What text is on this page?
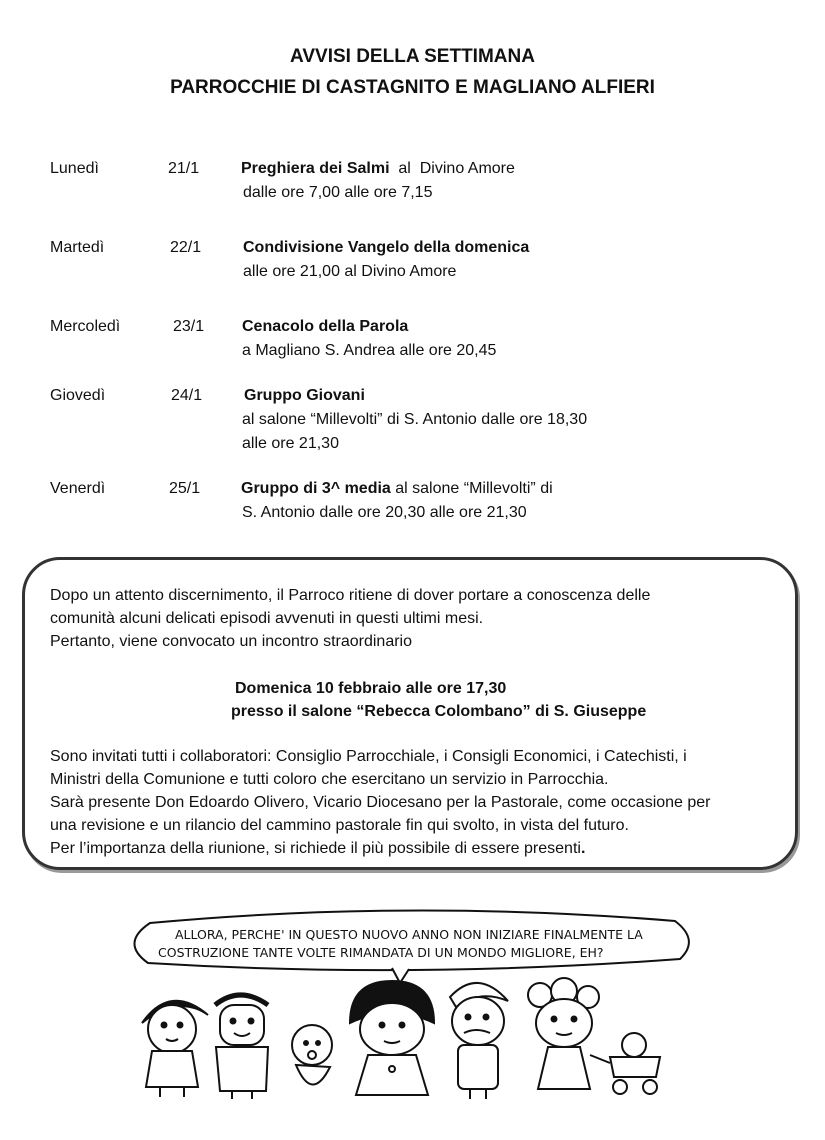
AVVISI DELLA SETTIMANA
PARROCCHIE DI CASTAGNITO E MAGLIANO ALFIERI
Lunedì	21/1	Preghiera dei Salmi  al  Divino Amore
dalle ore 7,00 alle ore 7,15
Martedì	22/1	Condivisione Vangelo della domenica
alle ore 21,00 al Divino Amore
Mercoledì	23/1 Cenacolo della Parola
a Magliano S. Andrea alle ore 20,45
Giovedì	24/1	Gruppo Giovani
al salone “Millevolti” di S. Antonio dalle ore 18,30
alle ore 21,30
Venerdì	25/1	Gruppo di 3^ media al salone “Millevolti” di
S. Antonio dalle ore 20,30 alle ore 21,30

Dopo un attento discernimento, il Parroco ritiene di dover portare a conoscenza delle

comunità alcuni delicati episodi avvenuti in questi ultimi mesi.

Pertanto, viene convocato un incontro straordinario

Domenica 10 febbraio alle ore 17,30

presso il salone “Rebecca Colombano” di S. Giuseppe

Sono invitati tutti i collaboratori: Consiglio Parrocchiale, i Consigli Economici, i Catechisti, i

Ministri della Comunione e tutti coloro che esercitano un servizio in Parrocchia.

Sarà presente Don Edoardo Olivero, Vicario Diocesano per la Pastorale, come occasione per

una revisione e un rilancio del cammino pastorale fin qui svolto, in vista del futuro.

Per l’importanza della riunione, si richiede il più possibile di essere presenti.

ALLORA, PERCHE' IN QUESTO NUOVO ANNO NON INIZIARE FINALMENTE LA
COSTRUZIONE TANTE VOLTE RIMANDATA DI UN MONDO MIGLIORE, EH?
